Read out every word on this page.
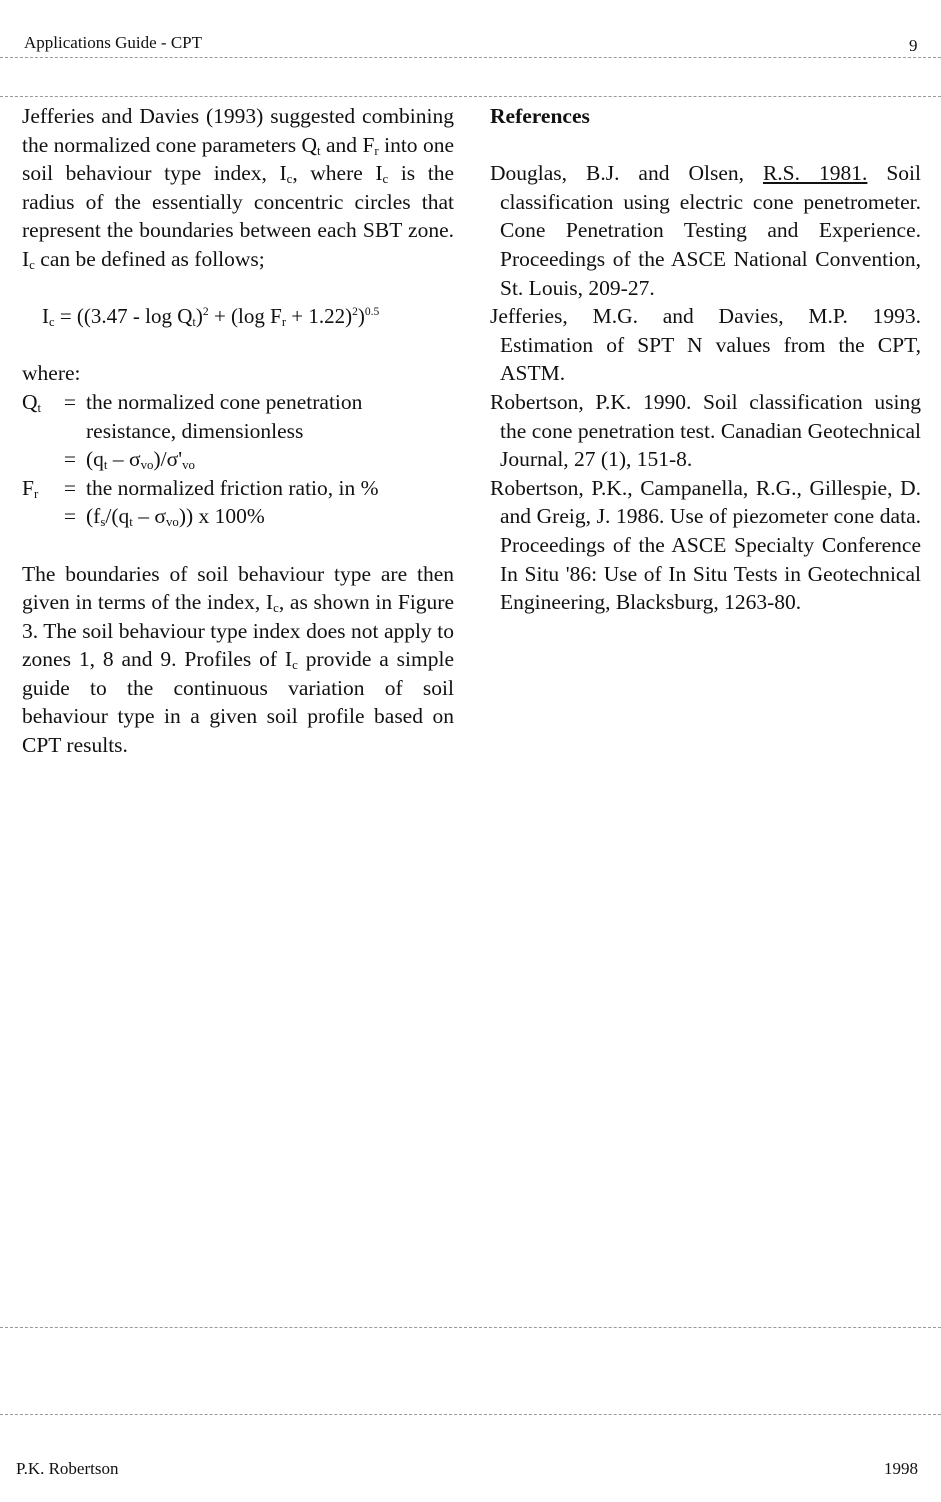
Applications Guide - CPT	9

Jefferies and Davies (1993) suggested combining the normalized cone parameters $Q_t$ and $F_r$ into one soil behaviour type index, $I_c$, where $I_c$ is the radius of the essentially concentric circles that represent the boundaries between each SBT zone. $I_c$ can be defined as follows;

$I_c = ((3.47 - \log Q_t)^2 + (\log$ $F_r + 1.22)^2)^{0.5}$

where:

$Q_t$	= the normalized cone penetration
resistance, dimensionless
= $(q_t - \sigma_{vo})/\sigma'_{vo}$
$F_r$	= the normalized friction ratio, in %
= $(f_s/(q_t - \sigma_{vo}))$ x 100%

The boundaries of soil behaviour type are then given in terms of the index, $I_c$, as shown in Figure 3. The soil behaviour type index does not apply to zones 1, 8 and 9. Profiles of $I_c$ provide a simple guide to the continuous variation of soil behaviour type in a given soil profile based on CPT results.

References

Douglas, B.J. and Olsen, R.S. 1981. Soil classification using electric cone penetrometer. Cone Penetration Testing and Experience. Proceedings of the ASCE National Convention, St. Louis, 209-27.

Jefferies, M.G. and Davies, M.P. 1993. Estimation of SPT N values from the CPT, ASTM.

Robertson, P.K. 1990. Soil classification using the cone penetration test. Canadian Geotechnical Journal, 27 (1), 151-8.

Robertson, P.K., Campanella, R.G., Gillespie, D. and Greig, J. 1986. Use of piezometer cone data. Proceedings of the ASCE Specialty Conference In Situ '86: Use of In Situ Tests in Geotechnical Engineering, Blacksburg, 1263-80.

P.K. Robertson	1998
